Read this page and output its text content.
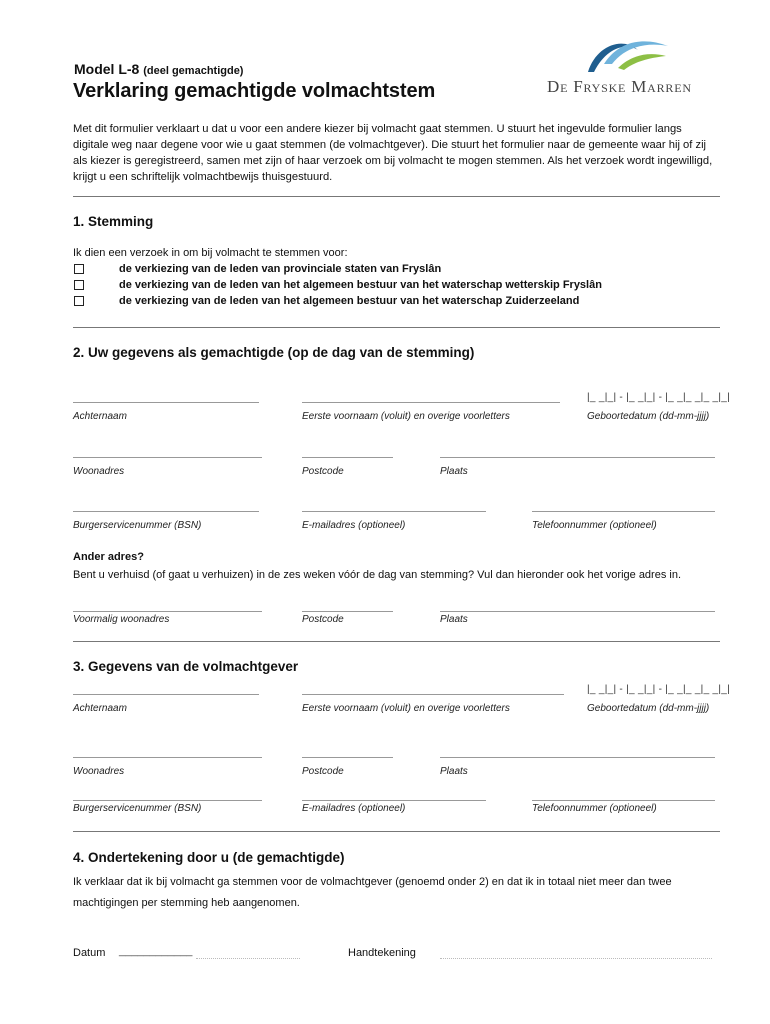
Model L-8 (deel gemachtigde)
Verklaring gemachtigde volmachtstem	De Fryske Marren
Met dit formulier verklaart u dat u voor een andere kiezer bij volmacht gaat stemmen. U stuurt het ingevulde formulier langs digitale weg naar degene voor wie u gaat stemmen (de volmachtgever). Die stuurt het formulier naar de gemeente waar hij of zij als kiezer is geregistreerd, samen met zijn of haar verzoek om bij volmacht te mogen stemmen. Als het verzoek wordt ingewilligd, krijgt u een schriftelijk volmachtbewijs thuisgestuurd.
1. Stemming
Ik dien een verzoek in om bij volmacht te stemmen voor:
de verkiezing van de leden van provinciale staten van Fryslân
de verkiezing van de leden van het algemeen bestuur van het waterschap wetterskip Fryslân
de verkiezing van de leden van het algemeen bestuur van het waterschap Zuiderzeeland
2. Uw gegevens als gemachtigde (op de dag van de stemming)
|_ _|_| - |_ _|_| - |_ _|_ _|_ _|_|
Achternaam	Eerste voornaam (voluit) en overige voorletters	Geboortedatum (dd-mm-jjjj)
Woonadres	Postcode	Plaats
Burgerservicenummer (BSN)	E-mailadres (optioneel)	Telefoonnummer (optioneel)
Ander adres?
Bent u verhuisd (of gaat u verhuizen) in de zes weken vóór de dag van stemming? Vul dan hieronder ook het vorige adres in.
Voormalig woonadres	Postcode	Plaats
3. Gegevens van de volmachtgever
|_ _|_| - |_ _|_| - |_ _|_ _|_ _|_|
Achternaam	Eerste voornaam (voluit) en overige voorletters	Geboortedatum (dd-mm-jjjj)
Woonadres	Postcode	Plaats
Burgerservicenummer (BSN)	E-mailadres (optioneel)	Telefoonnummer (optioneel)
4. Ondertekening door u (de gemachtigde)
Ik verklaar dat ik bij volmacht ga stemmen voor de volmachtgever (genoemd onder 2) en dat ik in totaal niet meer dan twee machtigingen per stemming heb aangenomen.
Datum ____________	Handtekening
